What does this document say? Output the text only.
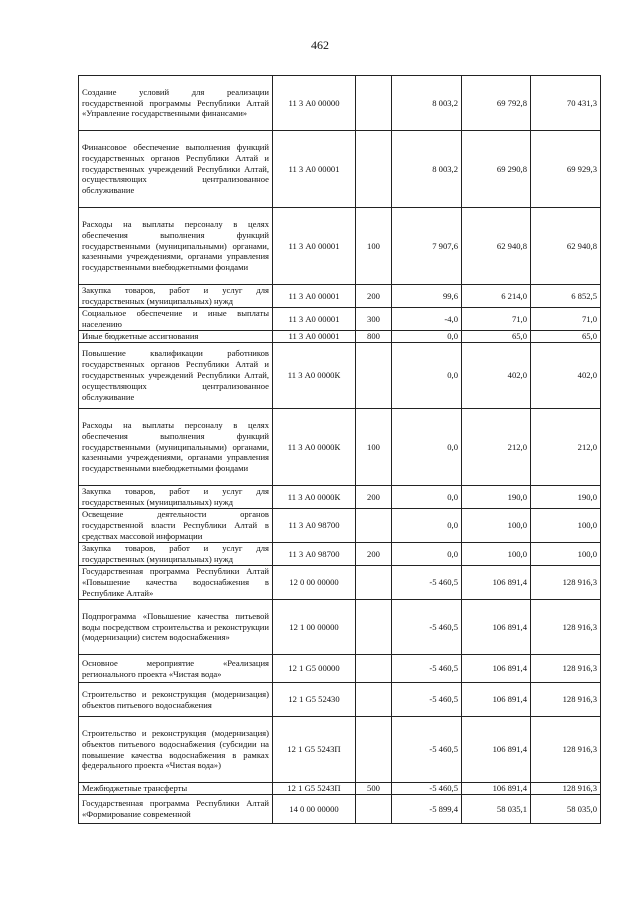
462
Создание условий для реализации государственной программы Республики Алтай «Управление государственными финансами»	11 3 А0 00000		8 003,2	69 792,8	70 431,3
Финансовое обеспечение выполнения функций государственных органов Республики Алтай и государственных учреждений Республики Алтай, осуществляющих централизованное обслуживание	11 3 А0 00001		8 003,2	69 290,8	69 929,3
Расходы на выплаты персоналу в целях обеспечения выполнения функций государственными (муниципальными) органами, казенными учреждениями, органами управления государственными внебюджетными фондами	11 3 А0 00001	100	7 907,6	62 940,8	62 940,8
Закупка товаров, работ и услуг для государственных (муниципальных) нужд	11 3 А0 00001	200	99,6	6 214,0	6 852,5
Социальное обеспечение и иные выплаты населению	11 3 А0 00001	300	-4,0	71,0	71,0
Иные бюджетные ассигнования	11 3 А0 00001	800	0,0	65,0	65,0
Повышение квалификации работников государственных органов Республики Алтай и государственных учреждений Республики Алтай, осуществляющих централизованное обслуживание	11 3 А0 0000К		0,0	402,0	402,0
Расходы на выплаты персоналу в целях обеспечения выполнения функций государственными (муниципальными) органами, казенными учреждениями, органами управления государственными внебюджетными фондами	11 3 А0 0000К	100	0,0	212,0	212,0
Закупка товаров, работ и услуг для государственных (муниципальных) нужд	11 3 А0 0000К	200	0,0	190,0	190,0
Освещение деятельности органов государственной власти Республики Алтай в средствах массовой информации	11 3 А0 98700		0,0	100,0	100,0
Закупка товаров, работ и услуг для государственных (муниципальных) нужд	11 3 А0 98700	200	0,0	100,0	100,0
Государственная программа Республики Алтай «Повышение качества водоснабжения в Республике Алтай»	12 0 00 00000		-5 460,5	106 891,4	128 916,3
Подпрограмма «Повышение качества питьевой воды посредством строительства и реконструкции (модернизации) систем водоснабжения»	12 1 00 00000		-5 460,5	106 891,4	128 916,3
Основное мероприятие «Реализация регионального проекта «Чистая вода»	12 1 G5 00000		-5 460,5	106 891,4	128 916,3
Строительство и реконструкция (модернизация) объектов питьевого водоснабжения	12 1 G5 52430		-5 460,5	106 891,4	128 916,3
Строительство и реконструкция (модернизация) объектов питьевого водоснабжения (субсидии на повышение качества водоснабжения в рамках федерального проекта «Чистая вода»)	12 1 G5 5243П		-5 460,5	106 891,4	128 916,3
Межбюджетные трансферты	12 1 G5 5243П	500	-5 460,5	106 891,4	128 916,3
Государственная программа Республики Алтай «Формирование современной	14 0 00 00000		-5 899,4	58 035,1	58 035,0
